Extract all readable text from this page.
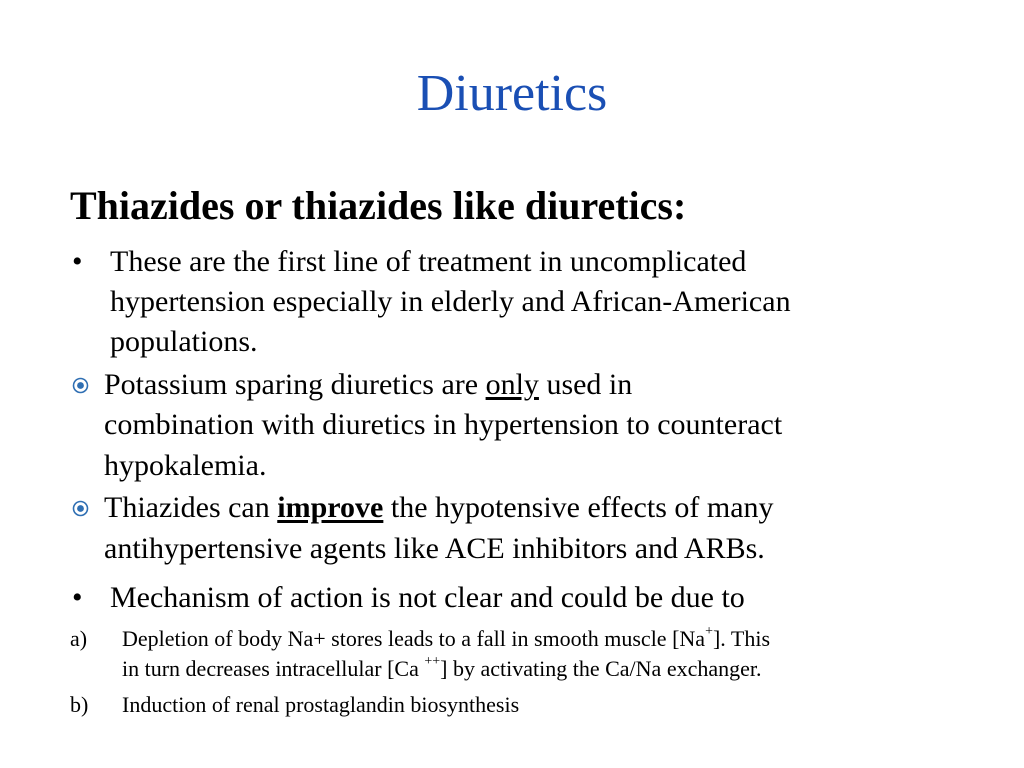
Diuretics
Thiazides or thiazides like diuretics:
• These are the first line of treatment in uncomplicated
hypertension especially in elderly and African-American
populations.
Potassium sparing diuretics are only used in
combination with diuretics in hypertension to counteract
hypokalemia.
Thiazides can improve the hypotensive effects of many
antihypertensive agents like ACE inhibitors and ARBs.
• Mechanism of action is not clear and could be due to
a) Depletion of body Na+ stores leads to a fall in smooth muscle [Na+]. This
in turn decreases intracellular [Ca ++] by activating the Ca/Na exchanger.
b) Induction of renal prostaglandin biosynthesis
